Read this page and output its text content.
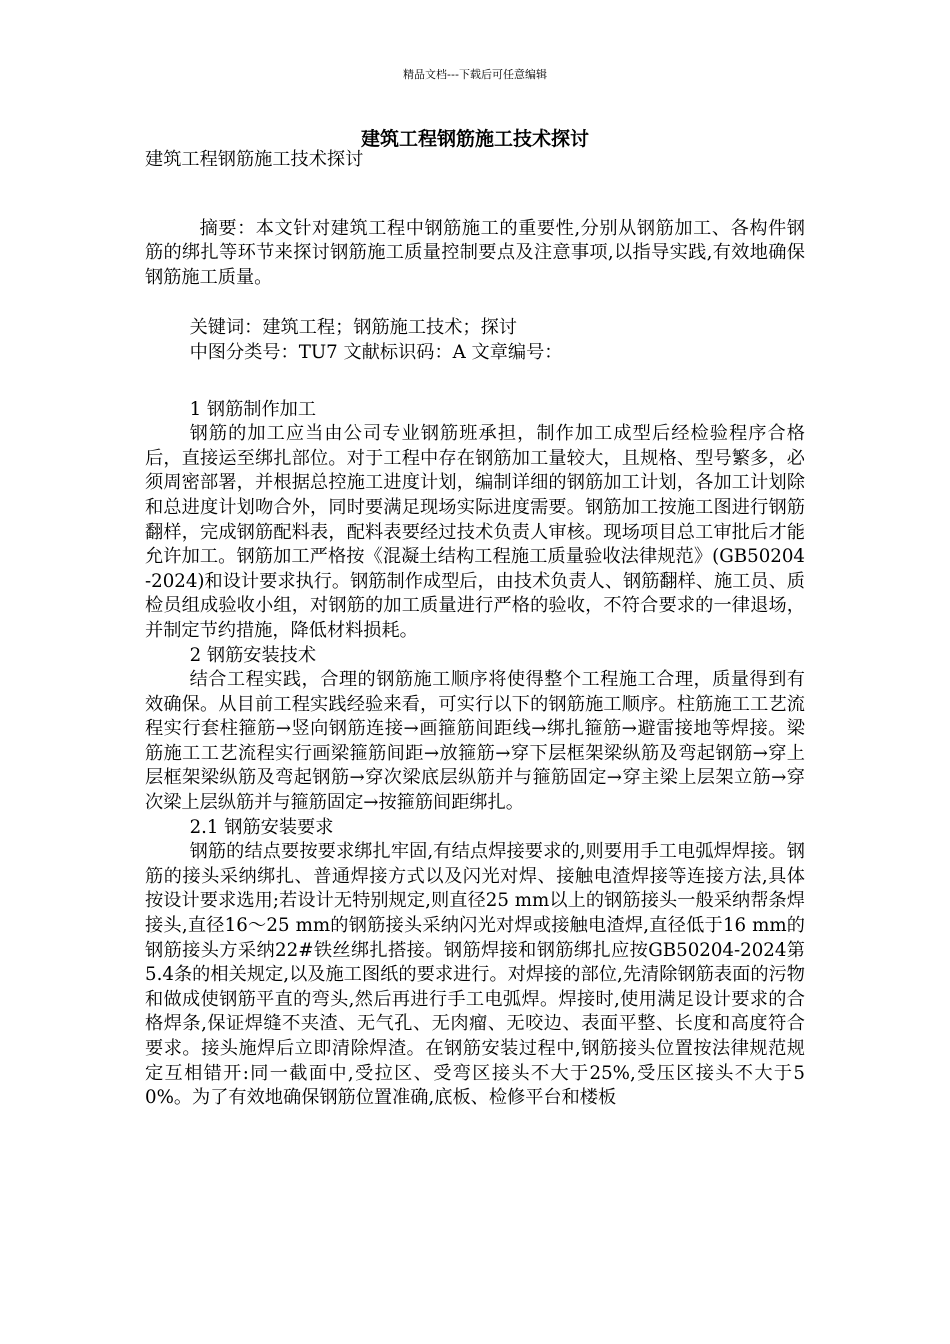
精品文档---下载后可任意编辑
建筑工程钢筋施工技术探讨

建筑工程钢筋施工技术探讨

摘要：本文针对建筑工程中钢筋施工的重要性,分别从钢筋加工、各构件钢筋的绑扎等环节来探讨钢筋施工质量控制要点及注意事项,以指导实践,有效地确保钢筋施工质量。

关键词：建筑工程；钢筋施工技术；探讨

中图分类号：TU7 文献标识码：A 文章编号：

1 钢筋制作加工

钢筋的加工应当由公司专业钢筋班承担，制作加工成型后经检验程序合格后，直接运至绑扎部位。对于工程中存在钢筋加工量较大，且规格、型号繁多，必须周密部署，并根据总控施工进度计划，编制详细的钢筋加工计划，各加工计划除和总进度计划吻合外，同时要满足现场实际进度需要。钢筋加工按施工图进行钢筋翻样，完成钢筋配料表，配料表要经过技术负责人审核。现场项目总工审批后才能允许加工。钢筋加工严格按《混凝土结构工程施工质量验收法律规范》(GB50204-2024)和设计要求执行。钢筋制作成型后，由技术负责人、钢筋翻样、施工员、质检员组成验收小组，对钢筋的加工质量进行严格的验收，不符合要求的一律退场，并制定节约措施，降低材料损耗。

2 钢筋安装技术

结合工程实践，合理的钢筋施工顺序将使得整个工程施工合理，质量得到有效确保。从目前工程实践经验来看，可实行以下的钢筋施工顺序。柱筋施工工艺流程实行套柱箍筋→竖向钢筋连接→画箍筋间距线→绑扎箍筋→避雷接地等焊接。梁筋施工工艺流程实行画梁箍筋间距→放箍筋→穿下层框架梁纵筋及弯起钢筋→穿上层框架梁纵筋及弯起钢筋→穿次梁底层纵筋并与箍筋固定→穿主梁上层架立筋→穿次梁上层纵筋并与箍筋固定→按箍筋间距绑扎。

2.1 钢筋安装要求

钢筋的结点要按要求绑扎牢固,有结点焊接要求的,则要用手工电弧焊焊接。钢筋的接头采纳绑扎、普通焊接方式以及闪光对焊、接触电渣焊接等连接方法,具体按设计要求选用;若设计无特别规定,则直径25 mm以上的钢筋接头一般采纳帮条焊接头,直径16～25 mm的钢筋接头采纳闪光对焊或接触电渣焊,直径低于16 mm的钢筋接头方采纳22#铁丝绑扎搭接。钢筋焊接和钢筋绑扎应按GB50204-2024第5.4条的相关规定,以及施工图纸的要求进行。对焊接的部位,先清除钢筋表面的污物和做成使钢筋平直的弯头,然后再进行手工电弧焊。焊接时,使用满足设计要求的合格焊条,保证焊缝不夹渣、无气孔、无肉瘤、无咬边、表面平整、长度和高度符合要求。接头施焊后立即清除焊渣。在钢筋安装过程中,钢筋接头位置按法律规范规定互相错开:同一截面中,受拉区、受弯区接头不大于25%,受压区接头不大于50%。为了有效地确保钢筋位置准确,底板、检修平台和楼板
